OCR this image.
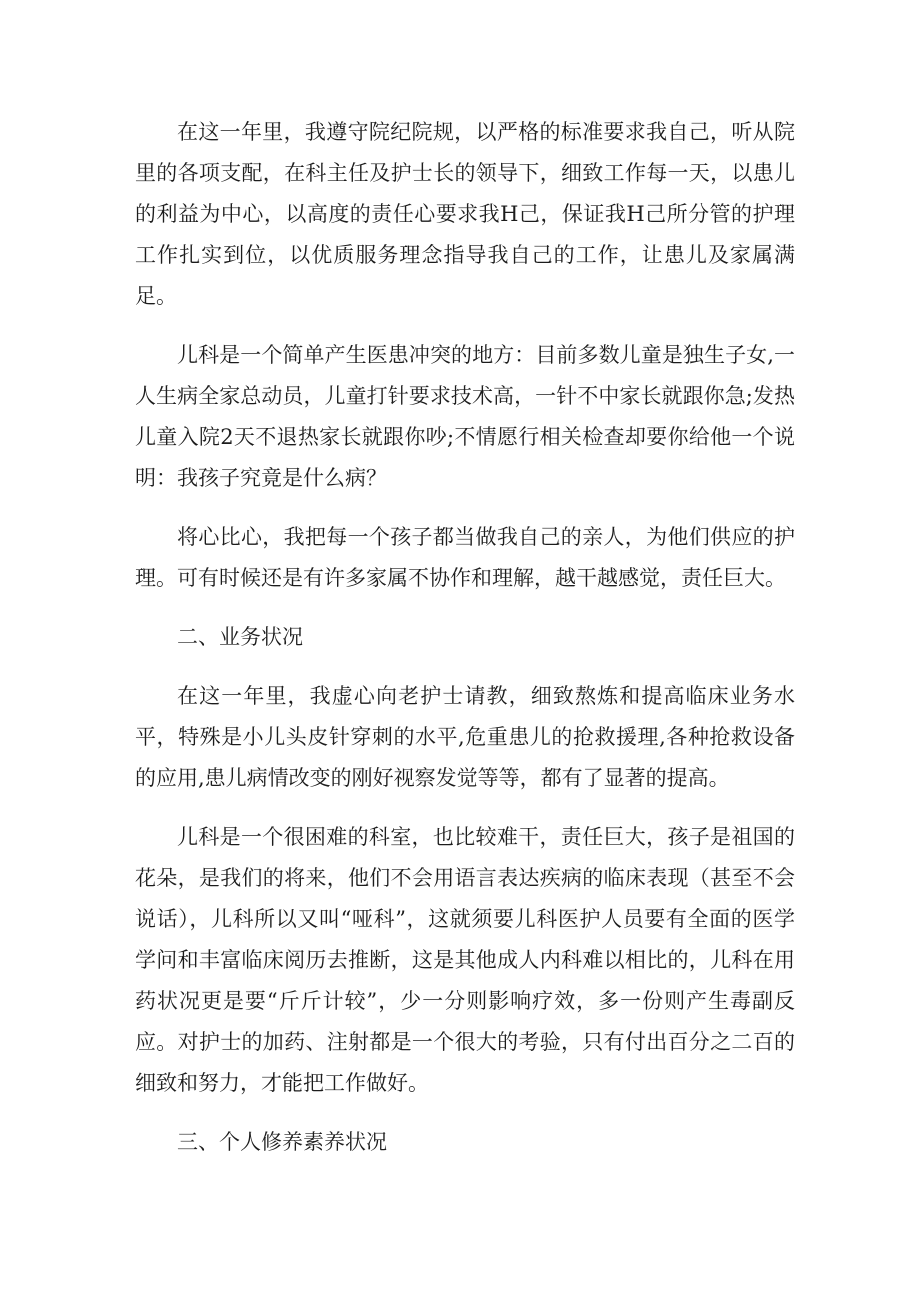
在这一年里，我遵守院纪院规，以严格的标准要求我自己，听从院里的各项支配，在科主任及护士长的领导下，细致工作每一天，以患儿的利益为中心，以高度的责任心要求我H己，保证我H己所分管的护理工作扎实到位，以优质服务理念指导我自己的工作，让患儿及家属满足。

儿科是一个简单产生医患冲突的地方：目前多数儿童是独生子女,一人生病全家总动员，儿童打针要求技术高，一针不中家长就跟你急;发热儿童入院2天不退热家长就跟你吵;不情愿行相关检查却要你给他一个说明：我孩子究竟是什么病？

将心比心，我把每一个孩子都当做我自己的亲人，为他们供应的护理。可有时候还是有许多家属不协作和理解，越干越感觉，责任巨大。

二、业务状况

在这一年里，我虚心向老护士请教，细致熬炼和提高临床业务水平，特殊是小儿头皮针穿刺的水平,危重患儿的抢救援理,各种抢救设备的应用,患儿病情改变的刚好视察发觉等等，都有了显著的提高。

儿科是一个很困难的科室，也比较难干，责任巨大，孩子是祖国的花朵，是我们的将来，他们不会用语言表达疾病的临床表现（甚至不会说话），儿科所以又叫“哑科”，这就须要儿科医护人员要有全面的医学学问和丰富临床阅历去推断，这是其他成人内科难以相比的，儿科在用药状况更是要“斤斤计较”，少一分则影响疗效，多一份则产生毒副反应。对护士的加药、注射都是一个很大的考验，只有付出百分之二百的细致和努力，才能把工作做好。

三、个人修养素养状况
